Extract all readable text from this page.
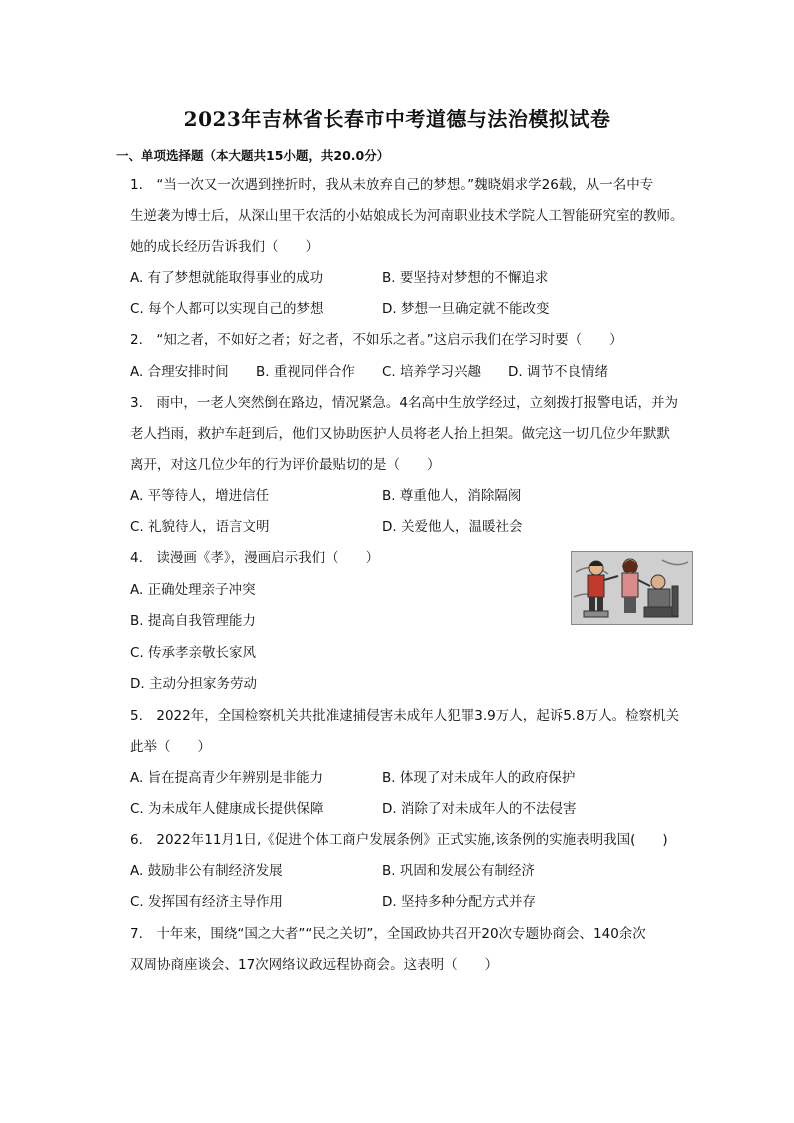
2023年吉林省长春市中考道德与法治模拟试卷
一、单项选择题（本大题共15小题，共20.0分）
1.　“当一次又一次遇到挫折时，我从未放弃自己的梦想。”魏晓娟求学26载，从一名中专
生逆袭为博士后，从深山里干农活的小姑娘成长为河南职业技术学院人工智能研究室的教师。
她的成长经历告诉我们（　　）
A. 有了梦想就能取得事业的成功	B. 要坚持对梦想的不懈追求
C. 每个人都可以实现自己的梦想	D. 梦想一旦确定就不能改变
2.　“知之者，不如好之者；好之者，不如乐之者。”这启示我们在学习时要（　　）
A. 合理安排时间 B. 重视同伴合作 C. 培养学习兴趣 D. 调节不良情绪
3.　雨中，一老人突然倒在路边，情况紧急。4名高中生放学经过，立刻拨打报警电话，并为
老人挡雨，救护车赶到后，他们又协助医护人员将老人抬上担架。做完这一切几位少年默默
离开，对这几位少年的行为评价最贴切的是（　　）
A. 平等待人，增进信任	B. 尊重他人，消除隔阂
C. 礼貌待人，语言文明	D. 关爱他人，温暖社会
4.　读漫画《孝》，漫画启示我们（　　）
A. 正确处理亲子冲突
B. 提高自我管理能力
C. 传承孝亲敬长家风
D. 主动分担家务劳动
5.　2022年，全国检察机关共批准逮捕侵害未成年人犯罪3.9万人，起诉5.8万人。检察机关
此举（　　）
A. 旨在提高青少年辨别是非能力	B. 体现了对未成年人的政府保护
C. 为未成年人健康成长提供保障	D. 消除了对未成年人的不法侵害
6.　2022年11月1日,《促进个体工商户发展条例》正式实施,该条例的实施表明我国(　　)
A. 鼓励非公有制经济发展	B. 巩固和发展公有制经济
C. 发挥国有经济主导作用	D. 坚持多种分配方式并存
7.　十年来，围绕“国之大者”“民之关切”，全国政协共召开20次专题协商会、140余次
双周协商座谈会、17次网络议政远程协商会。这表明（　　）
